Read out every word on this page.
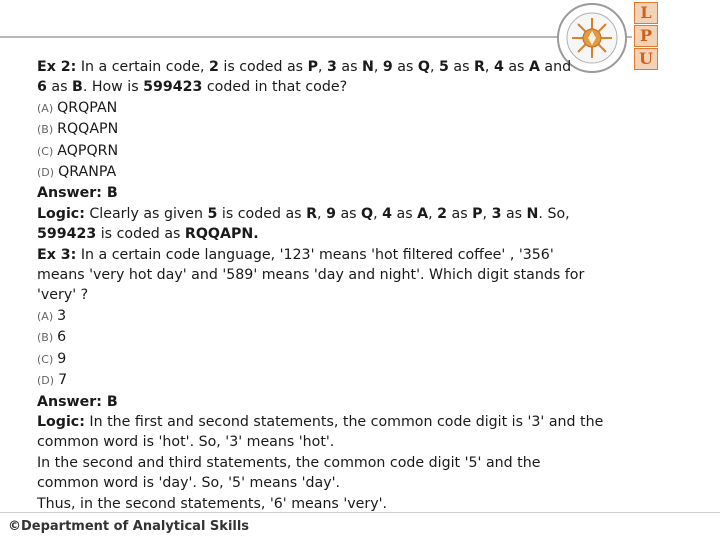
L
P
U
Ex 2: In a certain code, 2 is coded as P, 3 as N, 9 as Q, 5 as R, 4 as A and
6 as B. How is 599423 coded in that code?
(A) QRQPAN
(B) RQQAPN
(C) AQPQRN
(D) QRANPA
Answer: B
Logic: Clearly as given 5 is coded as R, 9 as Q, 4 as A, 2 as P, 3 as N. So,
599423 is coded as RQQAPN.
Ex 3: In a certain code language, '123' means 'hot filtered coffee' , '356'
means 'very hot day' and '589' means 'day and night'. Which digit stands for
'very' ?
(A) 3
(B) 6
(C) 9
(D) 7
Answer: B
Logic: In the first and second statements, the common code digit is '3' and the
common word is 'hot'. So, '3' means 'hot'.
In the second and third statements, the common code digit '5' and the
common word is 'day'. So, '5' means 'day'.
Thus, in the second statements, '6' means 'very'.
©Department of Analytical Skills
